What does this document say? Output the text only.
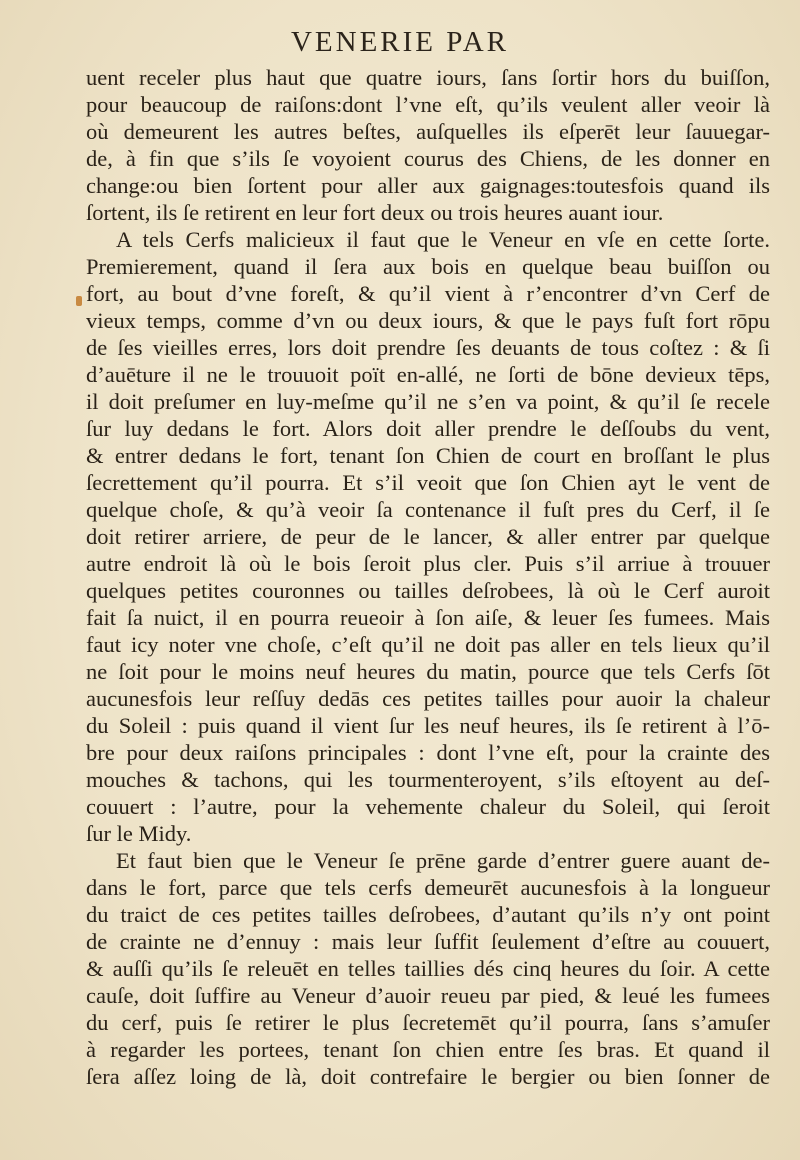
VENERIE PAR
uent receler plus haut que quatre iours, ſans ſortir hors du buiſſon,
pour beaucoup de raiſons:dont l’vne eſt, qu’ils veulent aller veoir là
où demeurent les autres beſtes, auſquelles ils eſperēt leur ſauuegar-
de, à fin que s’ils ſe voyoient courus des Chiens, de les donner en
change:ou bien ſortent pour aller aux gaignages:toutesfois quand ils
ſortent, ils ſe retirent en leur fort deux ou trois heures auant iour.
A tels Cerfs malicieux il faut que le Veneur en vſe en cette ſorte.
Premierement, quand il ſera aux bois en quelque beau buiſſon ou
fort, au bout d’vne foreſt, & qu’il vient à r’encontrer d’vn Cerf de
vieux temps, comme d’vn ou deux iours, & que le pays fuſt fort rōpu
de ſes vieilles erres, lors doit prendre ſes deuants de tous coſtez : & ſi
d’auēture il ne le trouuoit poït en-allé, ne ſorti de bōne devieux tēps,
il doit preſumer en luy-meſme qu’il ne s’en va point, & qu’il ſe recele
ſur luy dedans le fort. Alors doit aller prendre le deſſoubs du vent,
& entrer dedans le fort, tenant ſon Chien de court en broſſant le plus
ſecrettement qu’il pourra. Et s’il veoit que ſon Chien ayt le vent de
quelque choſe, & qu’à veoir ſa contenance il fuſt pres du Cerf, il ſe
doit retirer arriere, de peur de le lancer, & aller entrer par quelque
autre endroit là où le bois ſeroit plus cler. Puis s’il arriue à trouuer
quelques petites couronnes ou tailles deſrobees, là où le Cerf auroit
fait ſa nuict, il en pourra reueoir à ſon aiſe, & leuer ſes fumees. Mais
faut icy noter vne choſe, c’eſt qu’il ne doit pas aller en tels lieux qu’il
ne ſoit pour le moins neuf heures du matin, pource que tels Cerfs ſōt
aucunesfois leur reſſuy dedās ces petites tailles pour auoir la chaleur
du Soleil : puis quand il vient ſur les neuf heures, ils ſe retirent à l’ō-
bre pour deux raiſons principales : dont l’vne eſt, pour la crainte des
mouches & tachons, qui les tourmenteroyent, s’ils eſtoyent au deſ-
couuert : l’autre, pour la vehemente chaleur du Soleil, qui ſeroit
ſur le Midy.
Et faut bien que le Veneur ſe prēne garde d’entrer guere auant de-
dans le fort, parce que tels cerfs demeurēt aucunesfois à la longueur
du traict de ces petites tailles deſrobees, d’autant qu’ils n’y ont point
de crainte ne d’ennuy : mais leur ſuffit ſeulement d’eſtre au couuert,
& auſſi qu’ils ſe releuēt en telles taillies dés cinq heures du ſoir. A cette
cauſe, doit ſuffire au Veneur d’auoir reueu par pied, & leué les fumees
du cerf, puis ſe retirer le plus ſecretemēt qu’il pourra, ſans s’amuſer
à regarder les portees, tenant ſon chien entre ſes bras. Et quand il
ſera aſſez loing de là, doit contrefaire le bergier ou bien ſonner de
